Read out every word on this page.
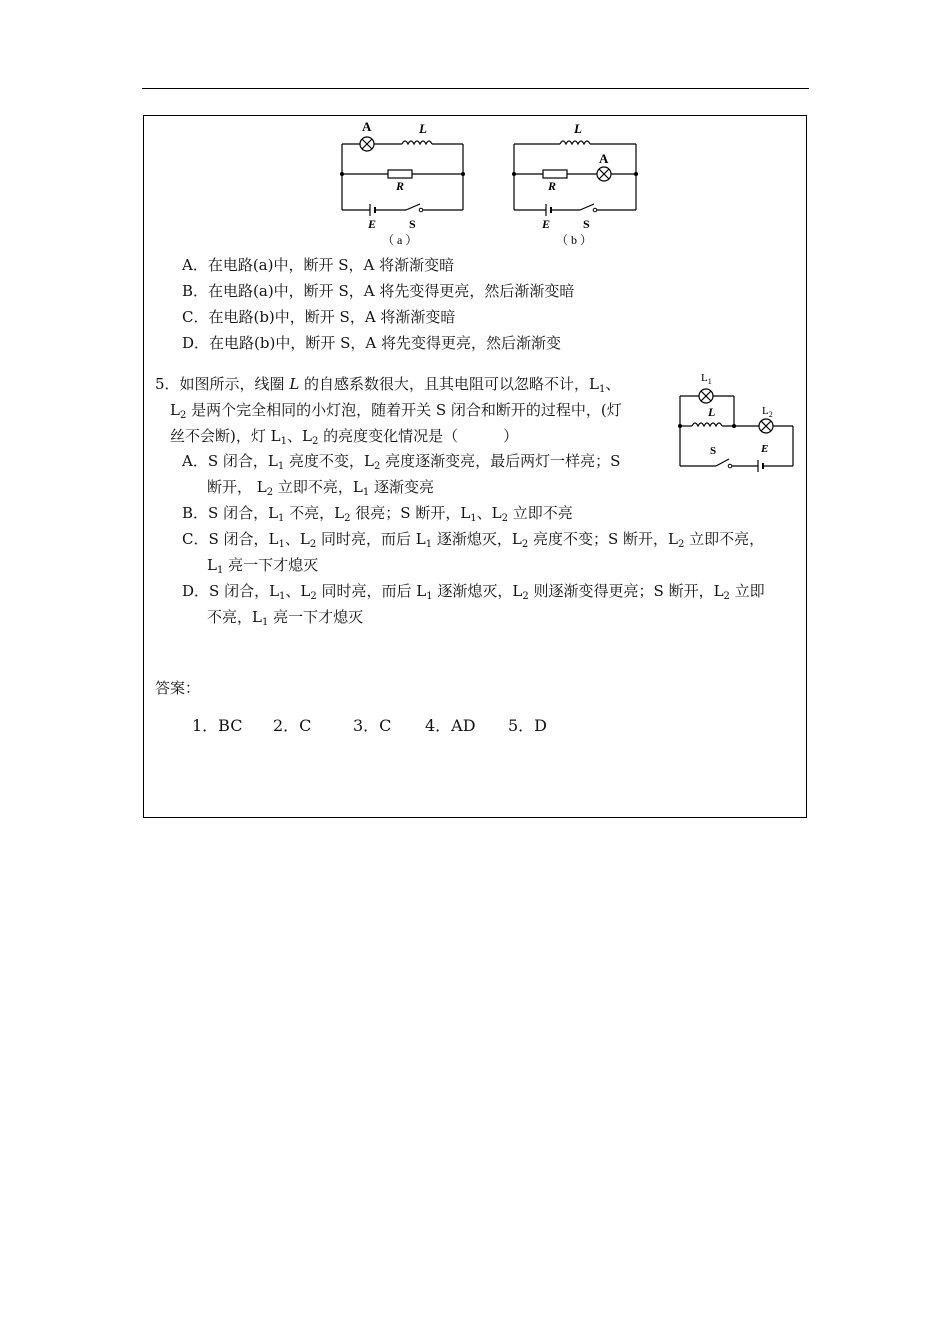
A	L
R
E	S
（ a ）
L
A
R
E	S
（ b ）
A．在电路(a)中，断开 S，A 将渐渐变暗
B．在电路(a)中，断开 S，A 将先变得更亮，然后渐渐变暗
C．在电路(b)中，断开 S，A 将渐渐变暗
D．在电路(b)中，断开 S，A 将先变得更亮，然后渐渐变
$L_1$
L	$L_2$
S	E
5．如图所示，线圈 L 的自感系数很大，且其电阻可以忽略不计，$L_1$、
$L_2$ 是两个完全相同的小灯泡，随着开关 S 闭合和断开的过程中，(灯
丝不会断)，灯 $L_1$、$L_2$ 的亮度变化情况是（　　　）
A．S 闭合，$L_1$ 亮度不变，$L_2$ 亮度逐渐变亮，最后两灯一样亮；S
断开， $L_2$ 立即不亮，$L_1$ 逐渐变亮
B．S 闭合，$L_1$ 不亮，$L_2$ 很亮；S 断开，$L_1$、$L_2$ 立即不亮
C．S 闭合，$L_1$、$L_2$ 同时亮，而后 $L_1$ 逐渐熄灭，$L_2$ 亮度不变；S 断开，$L_2$ 立即不亮，
$L_1$ 亮一下才熄灭
D．S 闭合，$L_1$、$L_2$ 同时亮，而后 $L_1$ 逐渐熄灭，$L_2$ 则逐渐变得更亮；S 断开，$L_2$ 立即
不亮，$L_1$ 亮一下才熄灭
答案：
1．BC 2．C	3．C 4．AD 5．D
